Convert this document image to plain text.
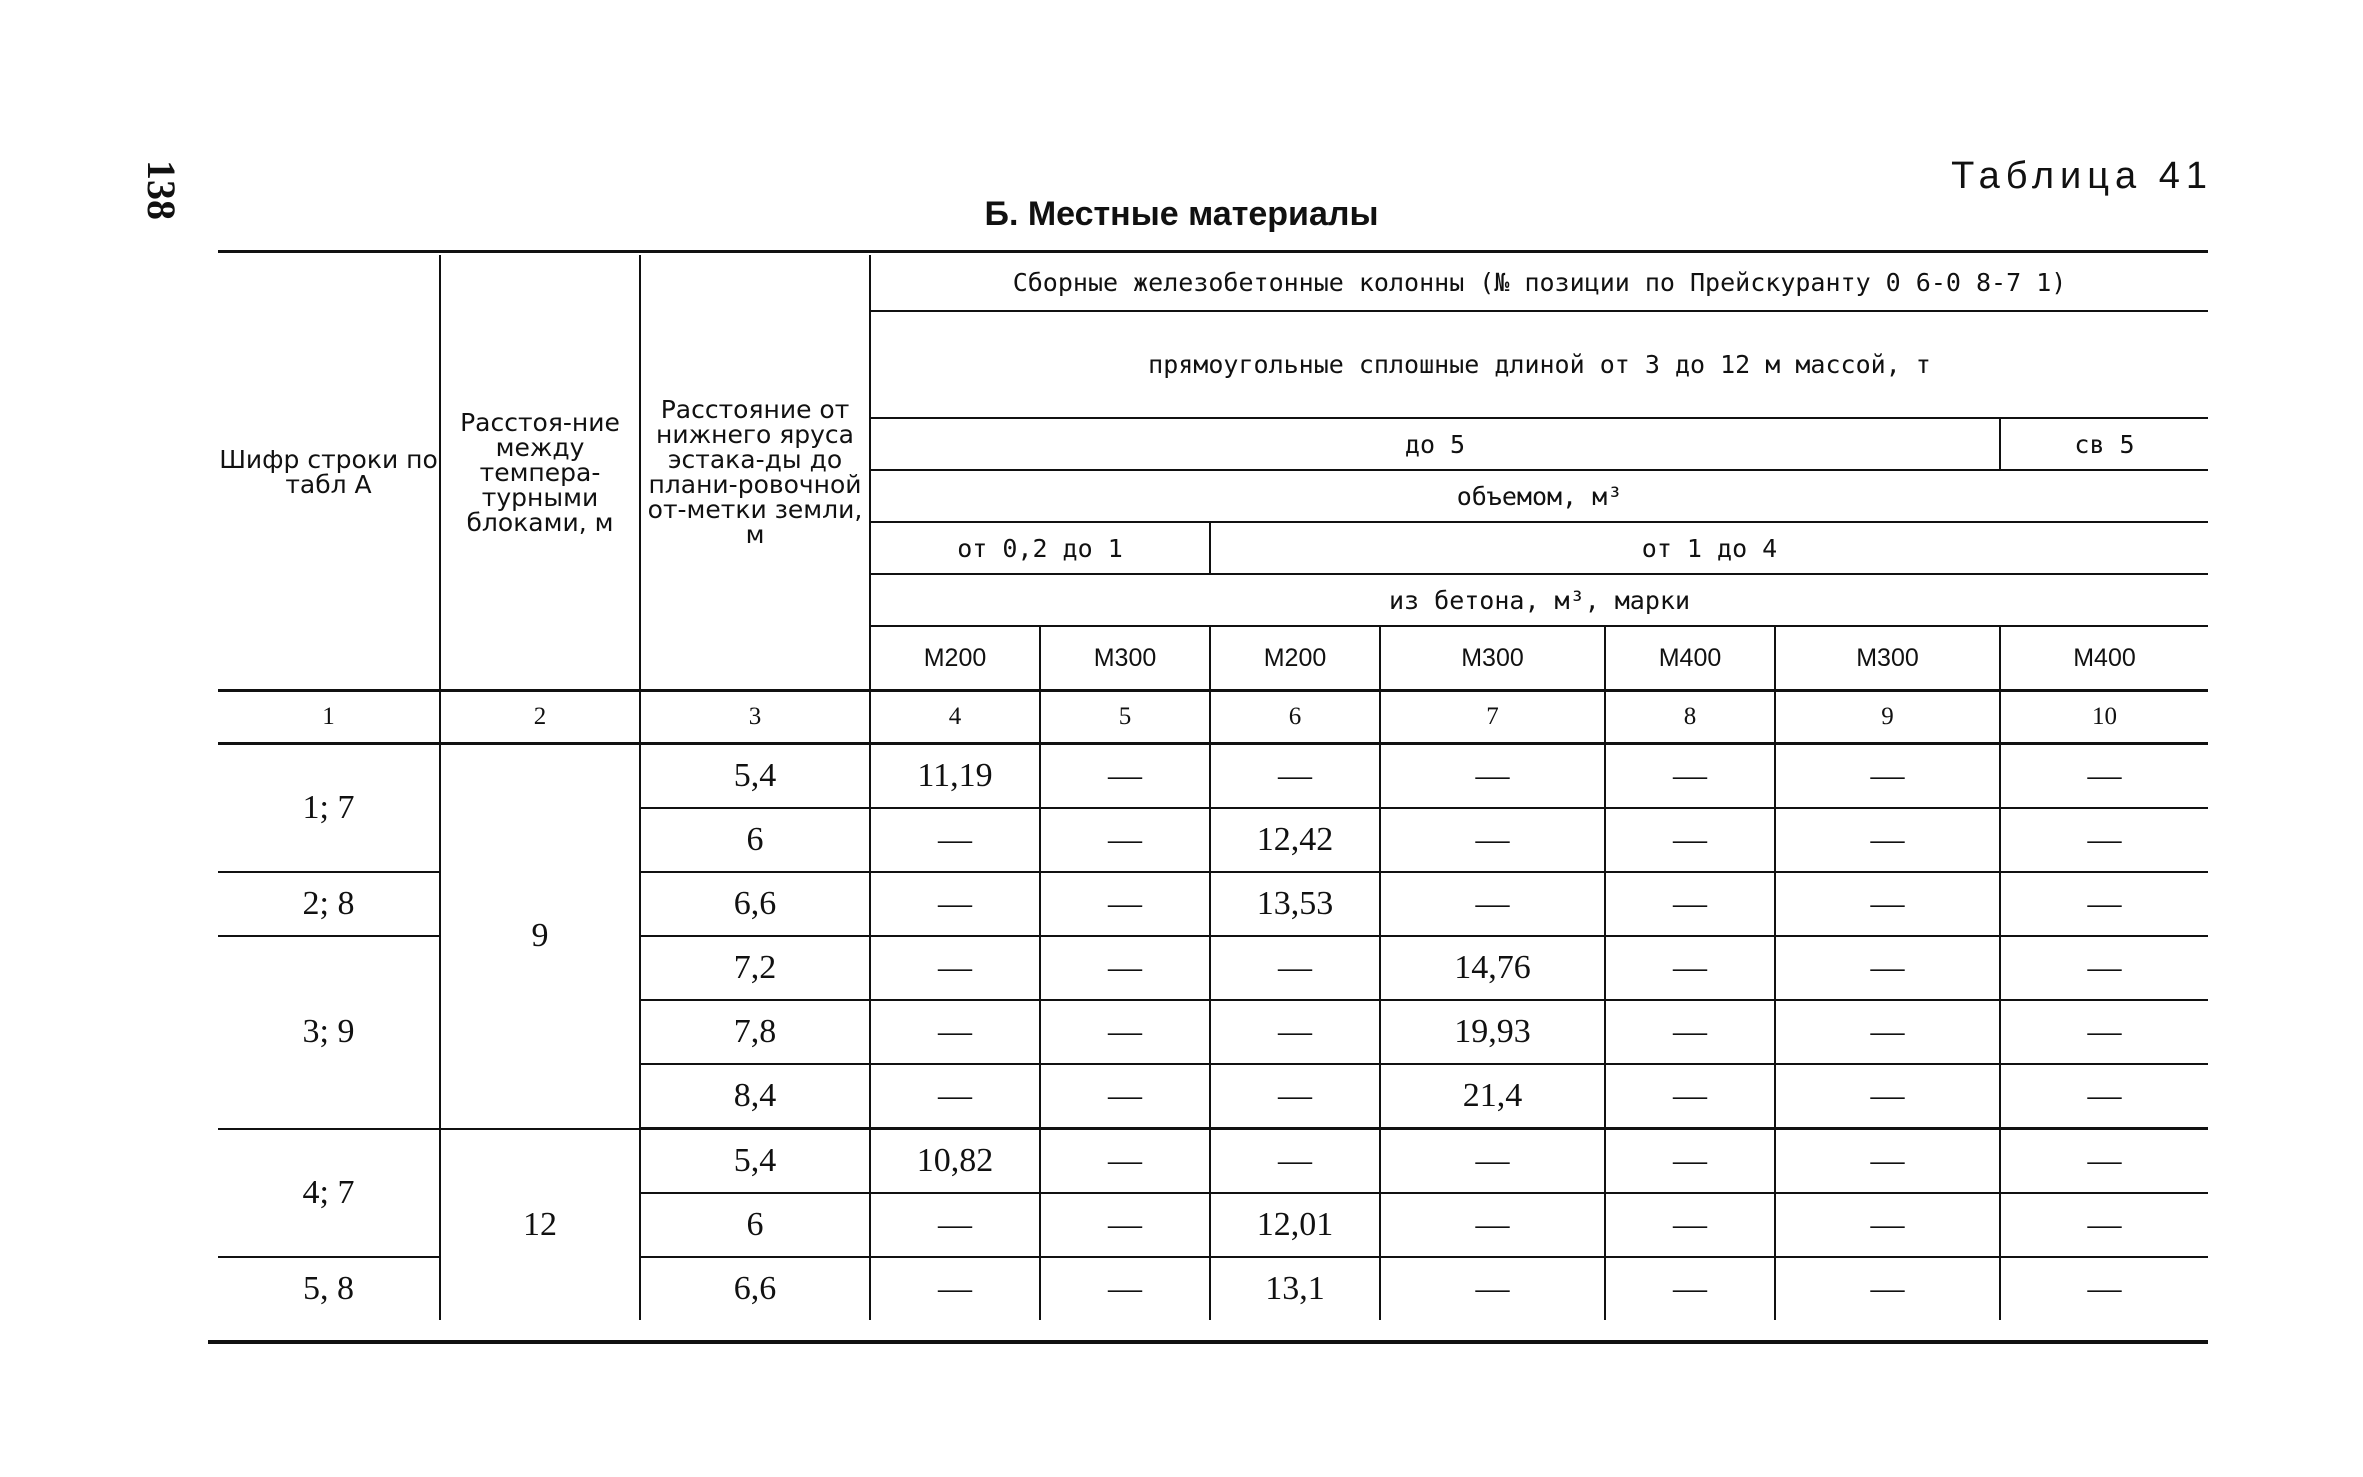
138	Таблица 41
Б. Местные материалы
Шифр строки по табл А	Расстоя-ние между темпера-турными блоками, м	Расстояние от нижнего яруса эстака-ды до плани-ровочной от-метки земли, м	Сборные железобетонные колонны (№ позиции по Прейскуранту 0 6-0 8-7 1)						
			прямоугольные сплошные длиной от 3 до 12 м массой, т						
			до 5						св 5
			объемом, м³						
			от 0,2 до 1		от 1 до 4				
			из бетона, м³, марки						
			М200	М300	М200	М300	М400	М300	М400
1	2	3	4	5	6	7	8	9	10
1; 7	9	5,4	11,19	—	—	—	—	—	—
		6	—	—	12,42	—	—	—	—
2; 8		6,6	—	—	13,53	—	—	—	—
3; 9		7,2	—	—	—	14,76	—	—	—
		7,8	—	—	—	19,93	—	—	—
		8,4	—	—	—	21,4	—	—	—
4; 7	12	5,4	10,82	—	—	—	—	—	—
		6	—	—	12,01	—	—	—	—
5, 8		6,6	—	—	13,1	—	—	—	—
